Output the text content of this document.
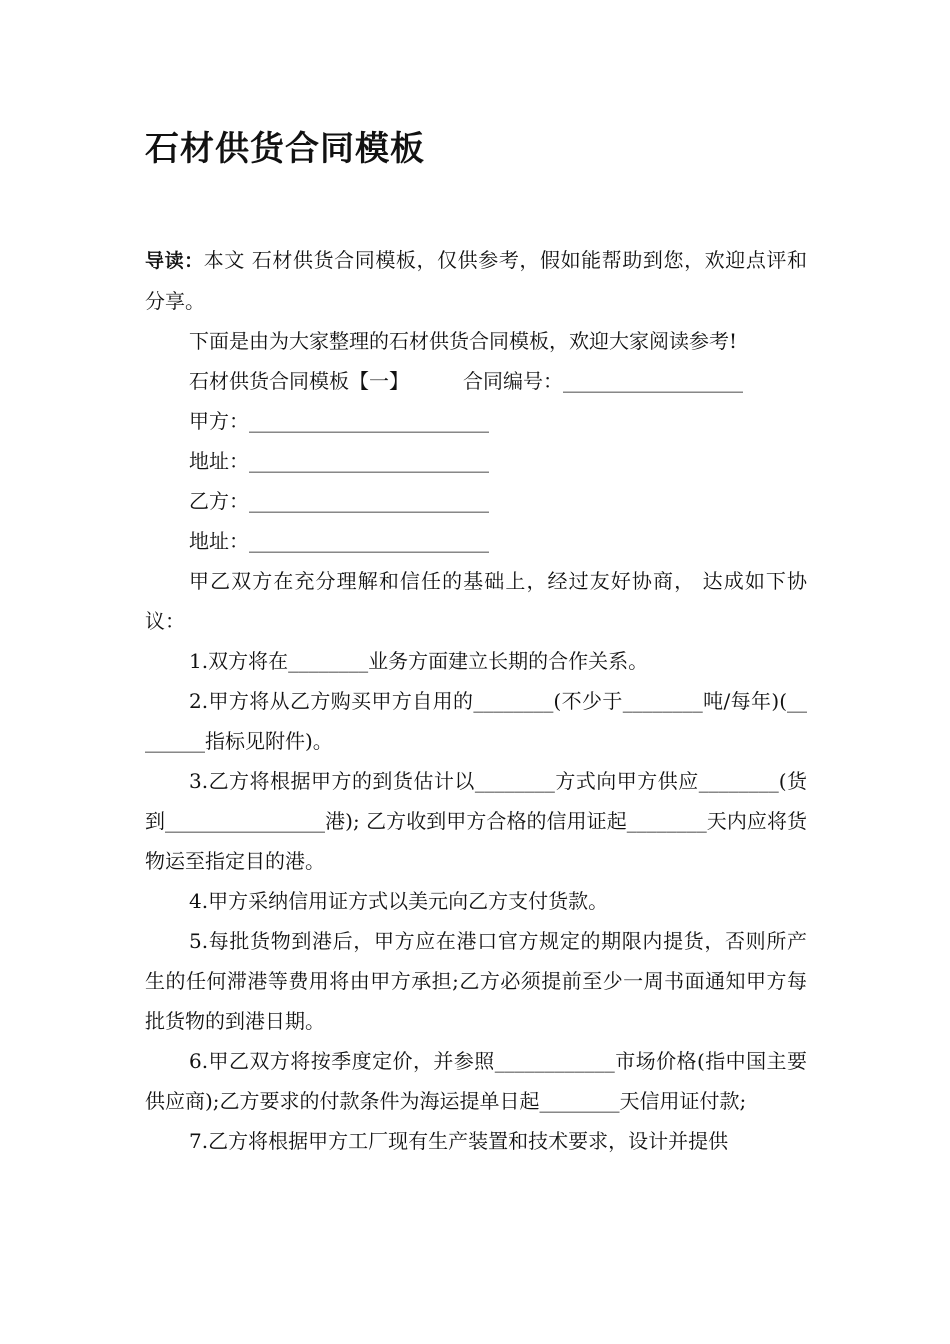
石材供货合同模板

导读：本文 石材供货合同模板，仅供参考，假如能帮助到您，欢迎点评和分享。

下面是由为大家整理的石材供货合同模板，欢迎大家阅读参考!

石材供货合同模板【一】	合同编号：__________________
甲方：________________________
地址：________________________
乙方：________________________
地址：________________________

甲乙双方在充分理解和信任的基础上，经过友好协商， 达成如下协议：

1.双方将在________业务方面建立长期的合作关系。

2.甲方将从乙方购买甲方自用的________(不少于________吨/每年)(________指标见附件)。

3.乙方将根据甲方的到货估计以________方式向甲方供应________(货到________________港); 乙方收到甲方合格的信用证起________天内应将货物运至指定目的港。

4.甲方采纳信用证方式以美元向乙方支付货款。

5.每批货物到港后，甲方应在港口官方规定的期限内提货，否则所产生的任何滞港等费用将由甲方承担;乙方必须提前至少一周书面通知甲方每批货物的到港日期。

6.甲乙双方将按季度定价，并参照____________市场价格(指中国主要供应商);乙方要求的付款条件为海运提单日起________天信用证付款;

7.乙方将根据甲方工厂现有生产装置和技术要求，设计并提供
